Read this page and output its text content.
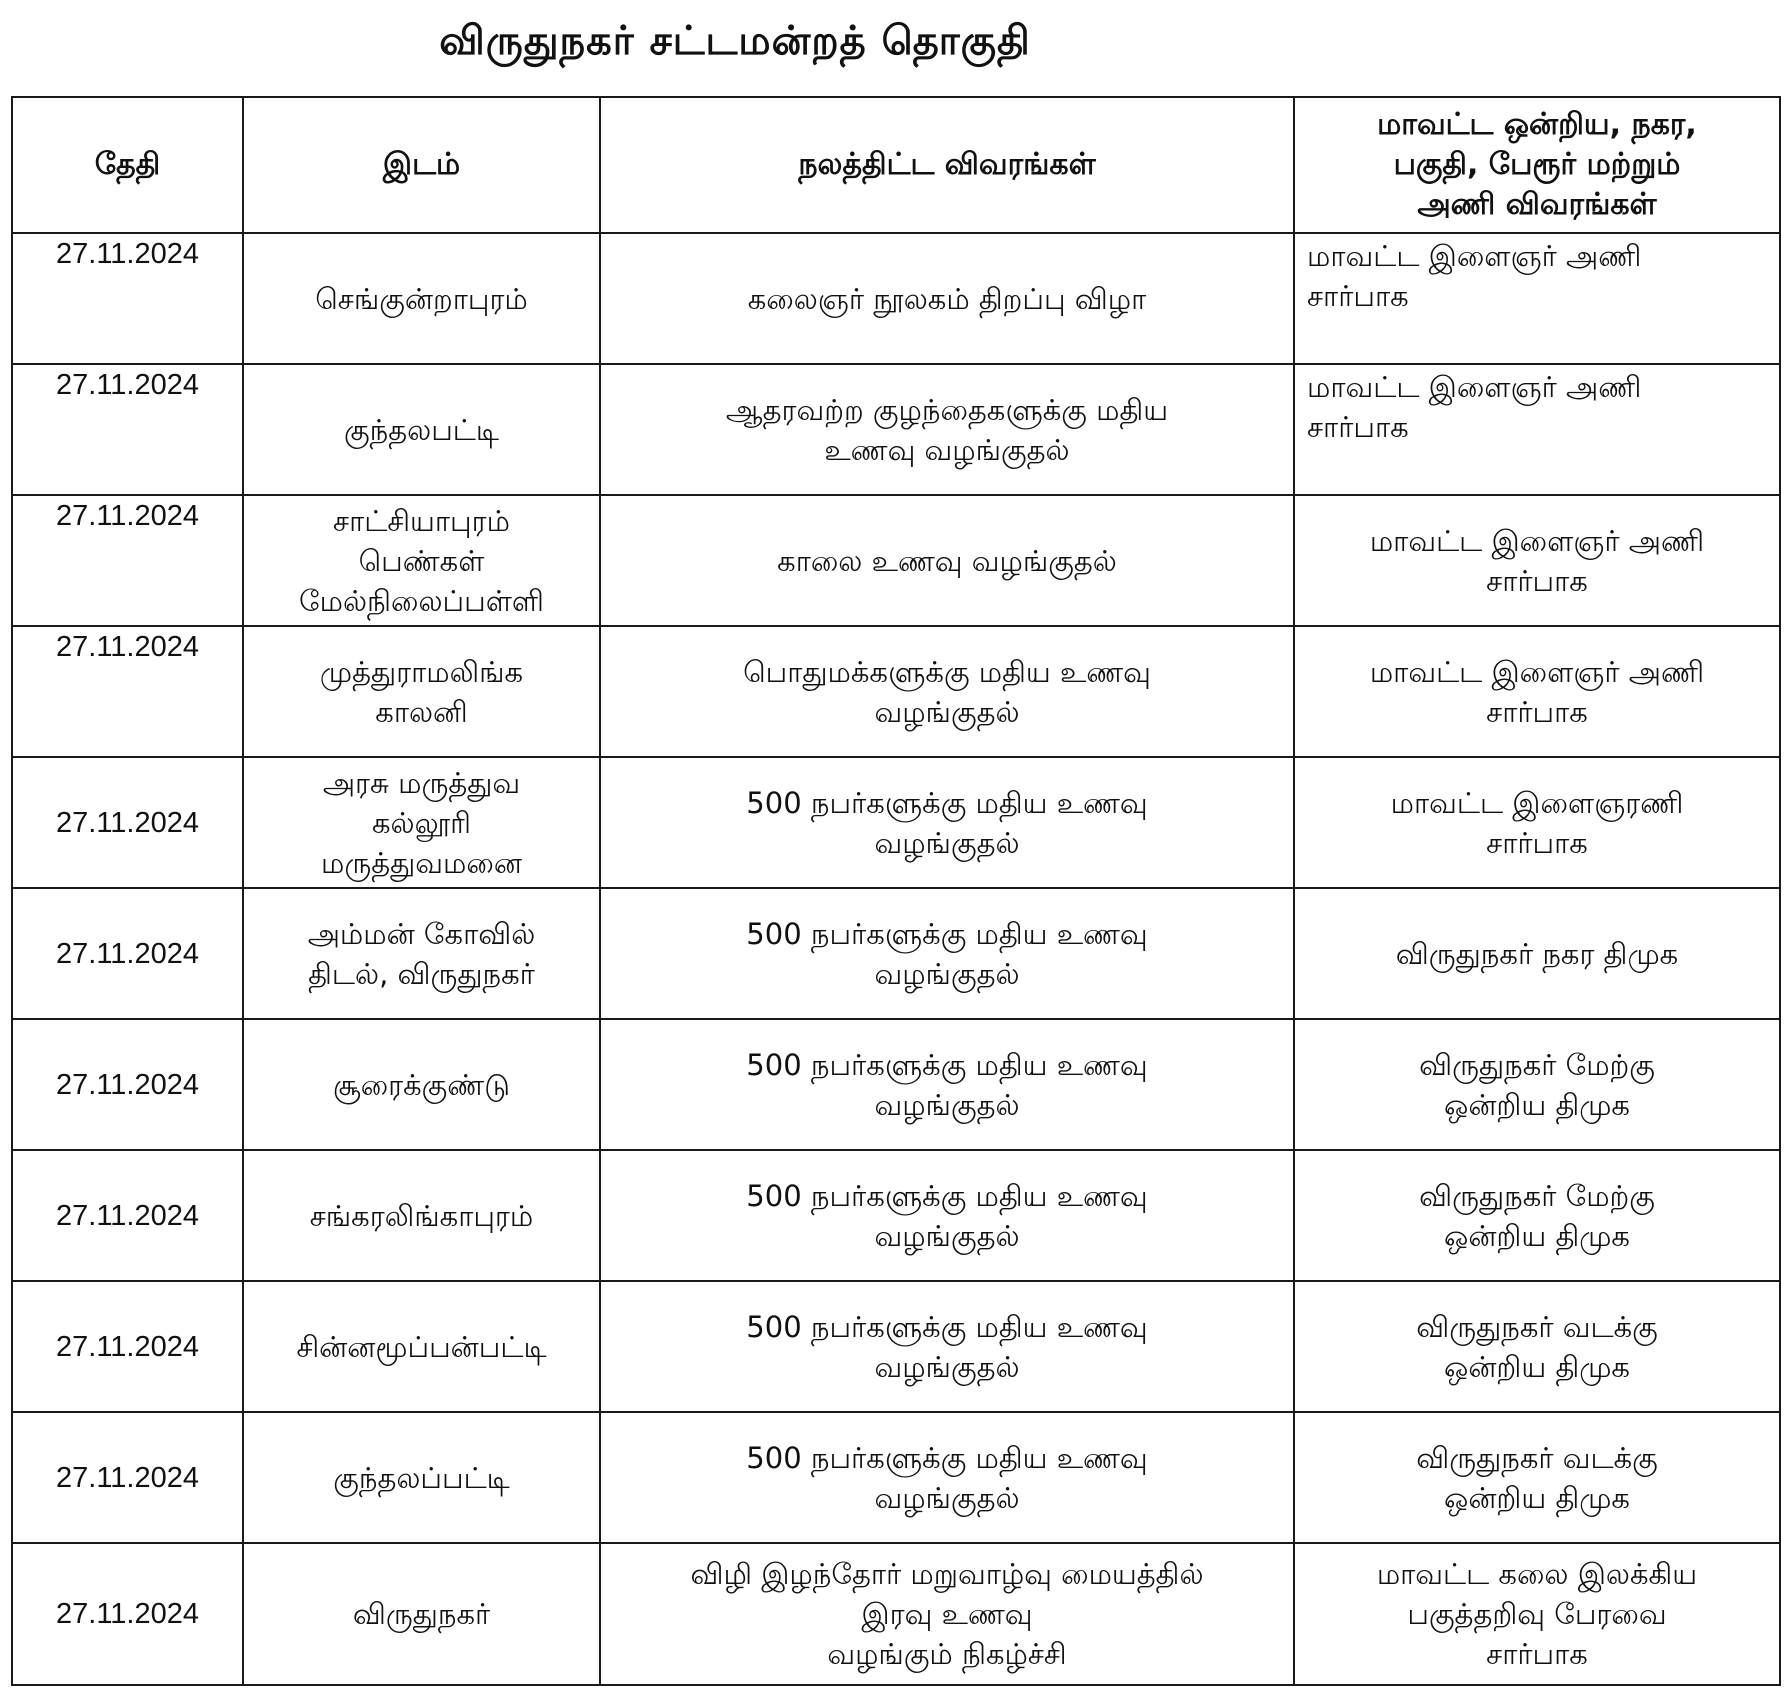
விருதுநகர் சட்டமன்றத் தொகுதி
தேதி	இடம்	நலத்திட்ட விவரங்கள்	மாவட்ட ஒன்றிய, நகர,
பகுதி, பேரூர் மற்றும்
அணி விவரங்கள்

27.11.2024	செங்குன்றாபுரம்	கலைஞர் நூலகம் திறப்பு விழா	மாவட்ட இளைஞர் அணி
சார்பாக

27.11.2024	குந்தலபட்டி	ஆதரவற்ற குழந்தைகளுக்கு மதிய
உணவு வழங்குதல்	மாவட்ட இளைஞர் அணி
சார்பாக

27.11.2024	சாட்சியாபுரம்
பெண்கள்
மேல்நிலைப்பள்ளி	காலை உணவு வழங்குதல்	மாவட்ட இளைஞர் அணி
சார்பாக

27.11.2024	முத்துராமலிங்க
காலனி	பொதுமக்களுக்கு மதிய உணவு
வழங்குதல்	மாவட்ட இளைஞர் அணி
சார்பாக

27.11.2024	அரசு மருத்துவ
கல்லூரி
மருத்துவமனை	500 நபர்களுக்கு மதிய உணவு
வழங்குதல்	மாவட்ட இளைஞரணி
சார்பாக

27.11.2024	அம்மன் கோவில்
திடல், விருதுநகர்	500 நபர்களுக்கு மதிய உணவு
வழங்குதல்	விருதுநகர் நகர திமுக

27.11.2024	சூரைக்குண்டு	500 நபர்களுக்கு மதிய உணவு
வழங்குதல்	விருதுநகர் மேற்கு
ஒன்றிய திமுக

27.11.2024	சங்கரலிங்காபுரம்	500 நபர்களுக்கு மதிய உணவு
வழங்குதல்	விருதுநகர் மேற்கு
ஒன்றிய திமுக

27.11.2024	சின்னமூப்பன்பட்டி	500 நபர்களுக்கு மதிய உணவு
வழங்குதல்	விருதுநகர் வடக்கு
ஒன்றிய திமுக

27.11.2024	குந்தலப்பட்டி	500 நபர்களுக்கு மதிய உணவு
வழங்குதல்	விருதுநகர் வடக்கு
ஒன்றிய திமுக

27.11.2024	விருதுநகர்	விழி இழந்தோர் மறுவாழ்வு மையத்தில்
இரவு உணவு
வழங்கும் நிகழ்ச்சி	மாவட்ட கலை இலக்கிய
பகுத்தறிவு பேரவை
சார்பாக
